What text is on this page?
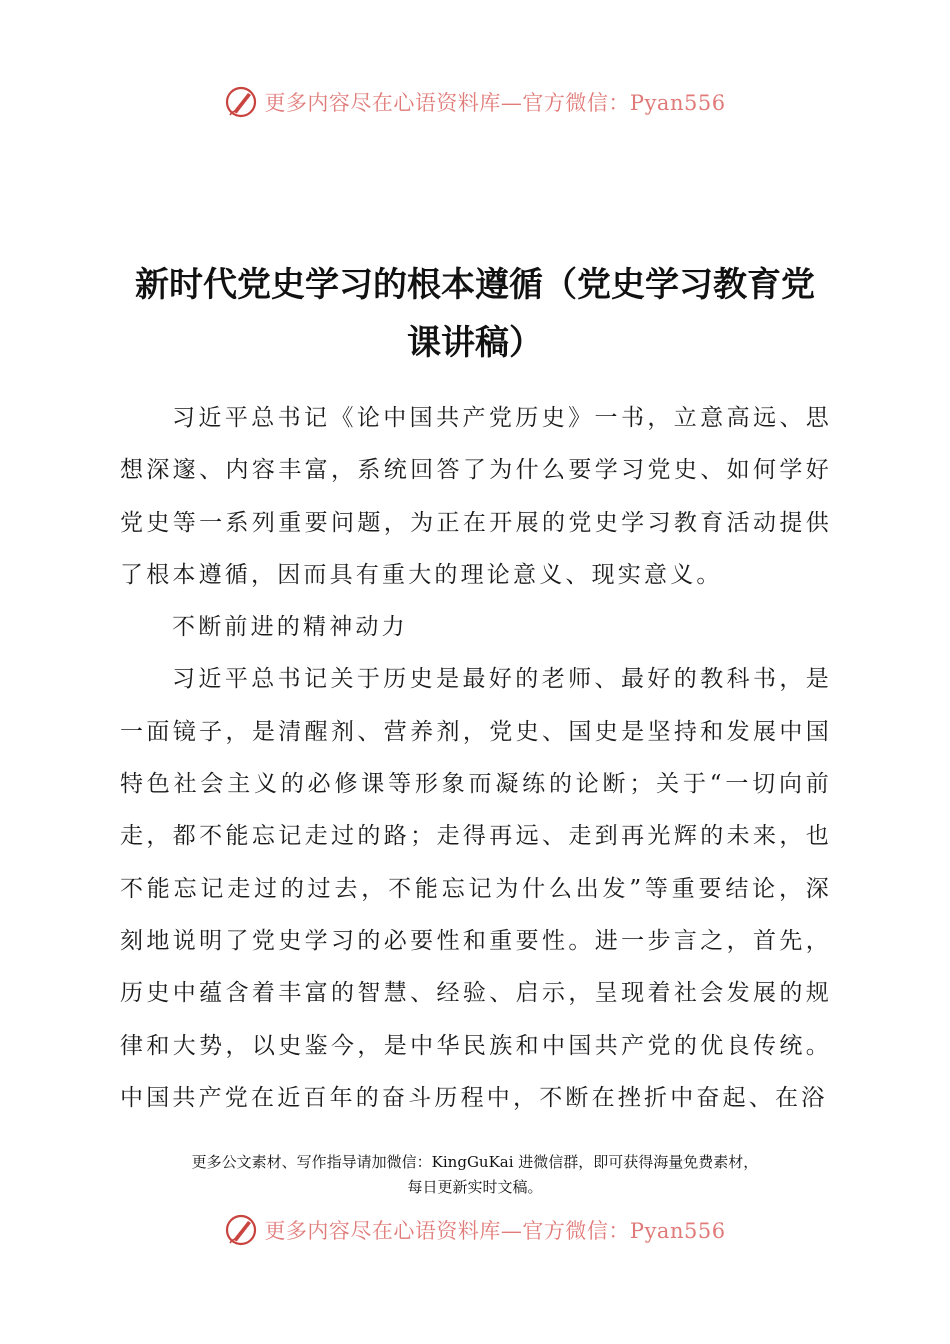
更多内容尽在心语资料库—官方微信：Pyan556
新时代党史学习的根本遵循（党史学习教育党
课讲稿）

习近平总书记《论中国共产党历史》一书，立意高远、思想深邃、内容丰富，系统回答了为什么要学习党史、如何学好党史等一系列重要问题，为正在开展的党史学习教育活动提供了根本遵循，因而具有重大的理论意义、现实意义。

不断前进的精神动力

习近平总书记关于历史是最好的老师、最好的教科书，是一面镜子，是清醒剂、营养剂，党史、国史是坚持和发展中国特色社会主义的必修课等形象而凝练的论断；关于“一切向前走，都不能忘记走过的路；走得再远、走到再光辉的未来，也不能忘记走过的过去，不能忘记为什么出发”等重要结论，深刻地说明了党史学习的必要性和重要性。进一步言之，首先，历史中蕴含着丰富的智慧、经验、启示，呈现着社会发展的规律和大势，以史鉴今，是中华民族和中国共产党的优良传统。中国共产党在近百年的奋斗历程中，不断在挫折中奋起、在浴

更多公文素材、写作指导请加微信：KingGuKai 进微信群，即可获得海量免费素材，
每日更新实时文稿。
更多内容尽在心语资料库—官方微信：Pyan556
